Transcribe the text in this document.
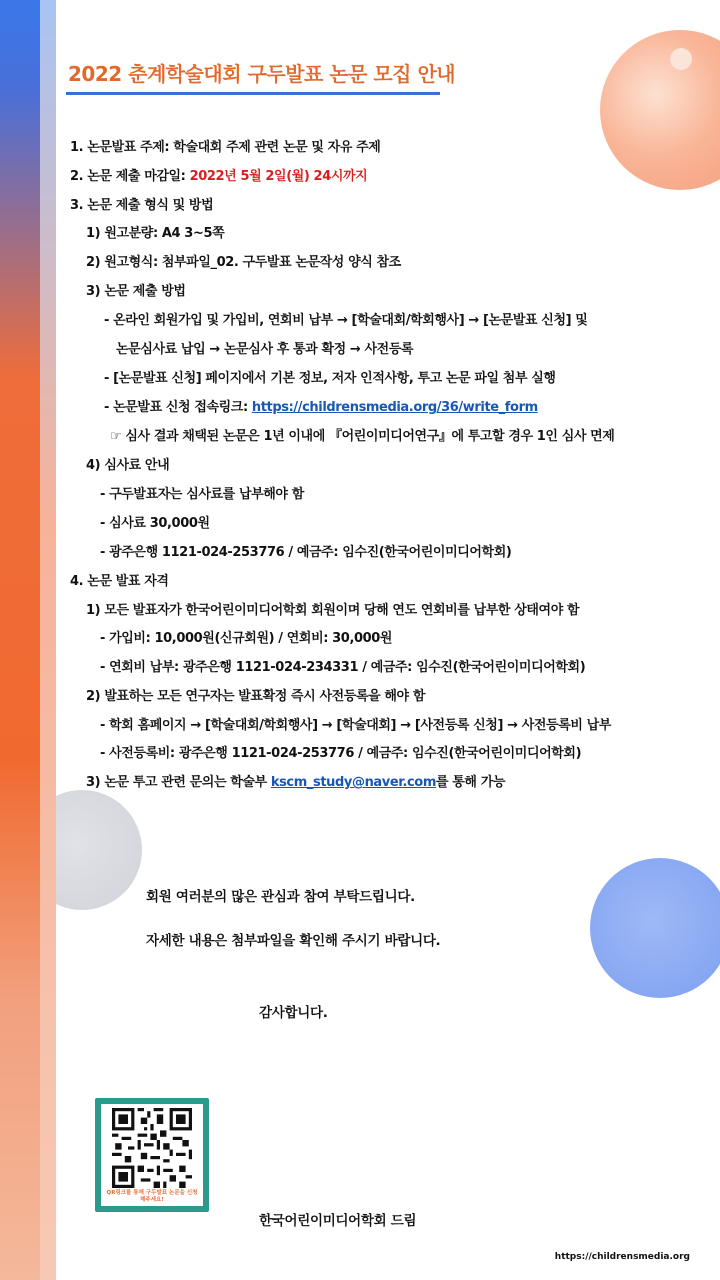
2022 춘계학술대회 구두발표 논문 모집 안내
1. 논문발표 주제: 학술대회 주제 관련 논문 및 자유 주제
2. 논문 제출 마감일: 2022년 5월 2일(월) 24시까지
3. 논문 제출 형식 및 방법
1) 원고분량: A4 3~5쪽
2) 원고형식: 첨부파일_02. 구두발표 논문작성 양식 참조
3) 논문 제출 방법
- 온라인 회원가입 및 가입비, 연회비 납부 → [학술대회/학회행사] → [논문발표 신청] 및
논문심사료 납입 → 논문심사 후 통과 확정 → 사전등록
- [논문발표 신청] 페이지에서 기본 정보, 저자 인적사항, 투고 논문 파일 첨부 실행
- 논문발표 신청 접속링크: https://childrensmedia.org/36/write_form
☞ 심사 결과 채택된 논문은 1년 이내에 『어린이미디어연구』에 투고할 경우 1인 심사 면제
4) 심사료 안내
- 구두발표자는 심사료를 납부해야 함
- 심사료 30,000원
- 광주은행 1121-024-253776 / 예금주: 임수진(한국어린이미디어학회)
4. 논문 발표 자격
1) 모든 발표자가 한국어린이미디어학회 회원이며 당해 연도 연회비를 납부한 상태여야 함
- 가입비: 10,000원(신규회원) / 연회비: 30,000원
- 연회비 납부: 광주은행 1121-024-234331 / 예금주: 임수진(한국어린이미디어학회)
2) 발표하는 모든 연구자는 발표확정 즉시 사전등록을 해야 함
- 학회 홈페이지 → [학술대회/학회행사] → [학술대회] → [사전등록 신청] → 사전등록비 납부
- 사전등록비: 광주은행 1121-024-253776 / 예금주: 임수진(한국어린이미디어학회)
3) 논문 투고 관련 문의는 학술부 kscm_study@naver.com를 통해 가능
회원 여러분의 많은 관심과 참여 부탁드립니다.
자세한 내용은 첨부파일을 확인해 주시기 바랍니다.
감사합니다.
한국어린이미디어학회 드림
QR링크를 통해 구두발표 논문을 신청해주세요!
https://childrensmedia.org
